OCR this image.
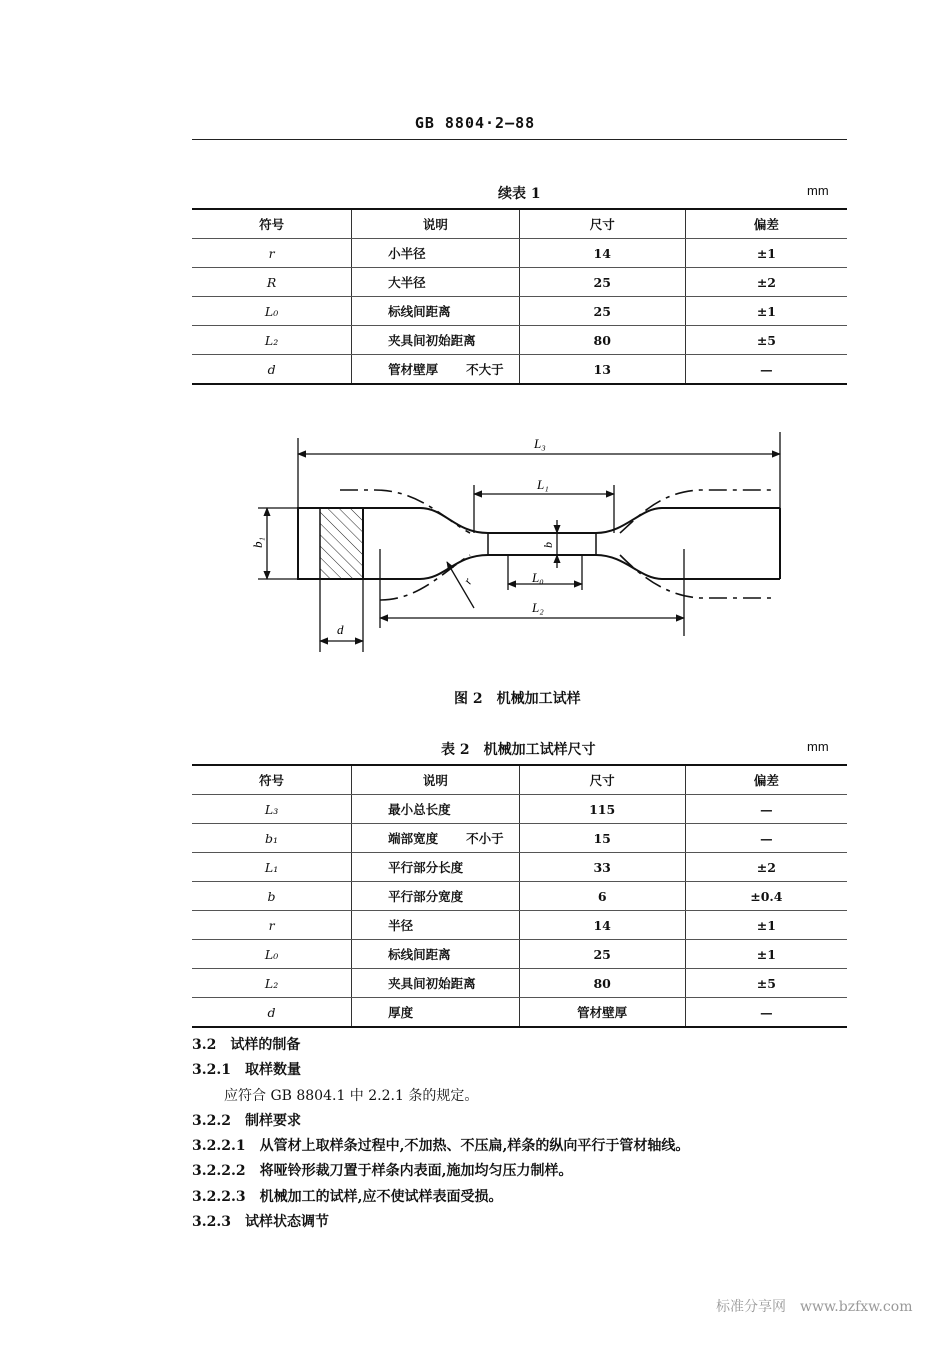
GB 8804·2—88
续表 1	mm
符号	说明	尺寸	偏差
r	小半径	14	±1
R	大半径	25	±2
L₀	标线间距离	25	±1
L₂	夹具间初始距离	80	±5
d	管材壁厚 不大于	13	—
L₃
L₁
b₁	b
r	L₀
L₂
d
图 2　机械加工试样
表 2　机械加工试样尺寸	mm
符号	说明	尺寸	偏差
L₃	最小总长度	115	—
b₁	端部宽度 不小于	15	—
L₁	平行部分长度	33	±2
b	平行部分宽度	6	±0.4
r	半径	14	±1
L₀	标线间距离	25	±1
L₂	夹具间初始距离	80	±5
d	厚度	管材壁厚	—
3.2　试样的制备
3.2.1　取样数量
应符合 GB 8804.1 中 2.2.1 条的规定。
3.2.2　制样要求
3.2.2.1　从管材上取样条过程中,不加热、不压扁,样条的纵向平行于管材轴线。
3.2.2.2　将哑铃形裁刀置于样条内表面,施加均匀压力制样。
3.2.2.3　机械加工的试样,应不使试样表面受损。
3.2.3　试样状态调节
标准分享网　www.bzfxw.com
